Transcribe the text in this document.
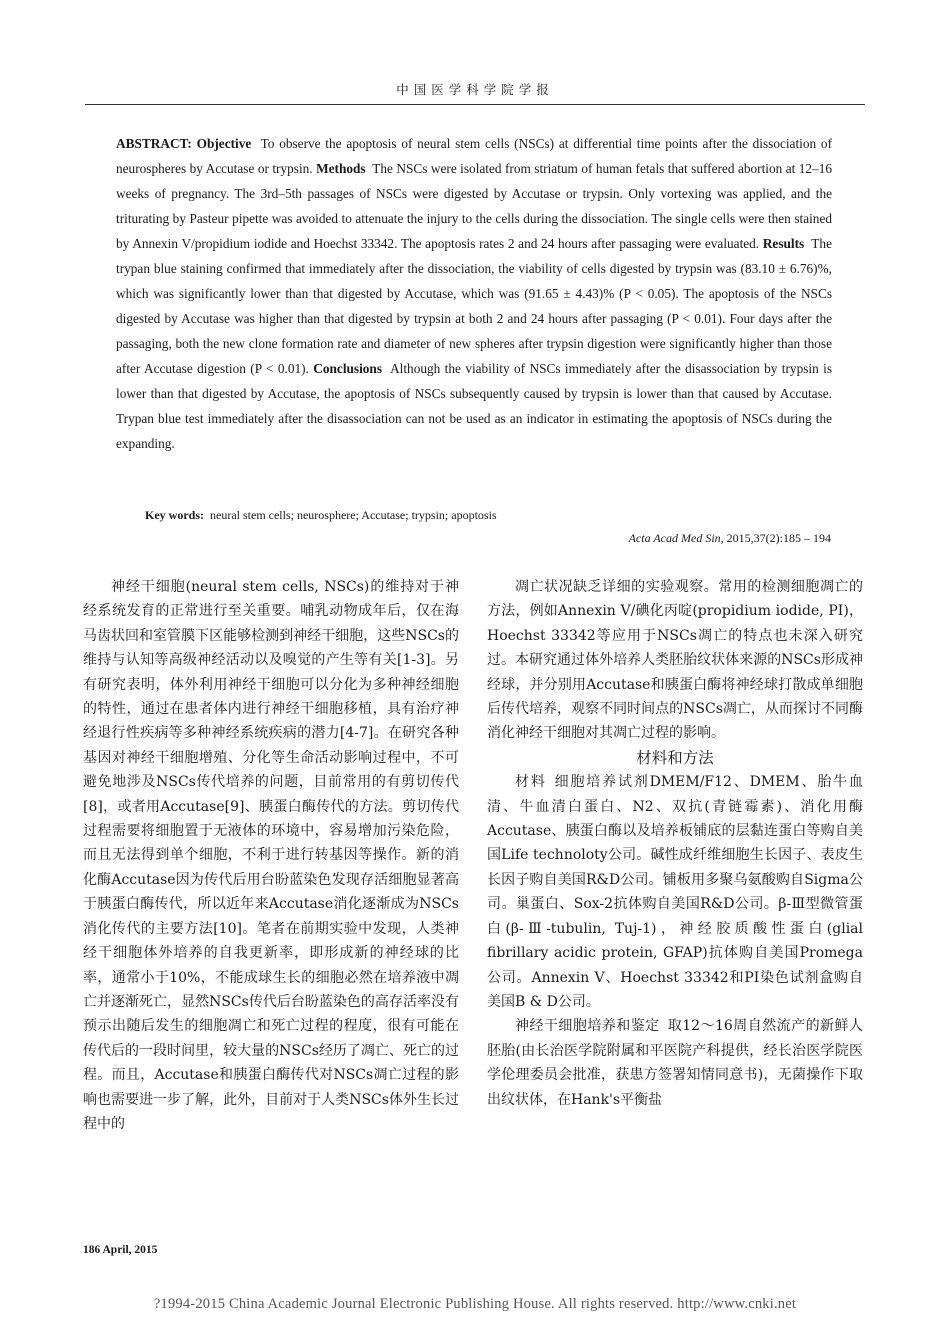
中国医学科学院学报
ABSTRACT: Objective To observe the apoptosis of neural stem cells (NSCs) at differential time points after the dissociation of neurospheres by Accutase or trypsin. Methods The NSCs were isolated from striatum of human fetals that suffered abortion at 12–16 weeks of pregnancy. The 3rd–5th passages of NSCs were digested by Accutase or trypsin. Only vortexing was applied, and the triturating by Pasteur pipette was avoided to attenuate the injury to the cells during the dissociation. The single cells were then stained by Annexin V/propidium iodide and Hoechst 33342. The apoptosis rates 2 and 24 hours after passaging were evaluated. Results The trypan blue staining confirmed that immediately after the dissociation, the viability of cells digested by trypsin was (83.10 ± 6.76)%, which was significantly lower than that digested by Accutase, which was (91.65 ± 4.43)% (P < 0.05). The apoptosis of the NSCs digested by Accutase was higher than that digested by trypsin at both 2 and 24 hours after passaging (P < 0.01). Four days after the passaging, both the new clone formation rate and diameter of new spheres after trypsin digestion were significantly higher than those after Accutase digestion (P < 0.01). Conclusions Although the viability of NSCs immediately after the disassociation by trypsin is lower than that digested by Accutase, the apoptosis of NSCs subsequently caused by trypsin is lower than that caused by Accutase. Trypan blue test immediately after the disassociation can not be used as an indicator in estimating the apoptosis of NSCs during the expanding.
Key words: neural stem cells; neurosphere; Accutase; trypsin; apoptosis
Acta Acad Med Sin, 2015,37(2):185 – 194

神经干细胞(neural stem cells, NSCs)的维持对于神经系统发育的正常进行至关重要。哺乳动物成年后，仅在海马齿状回和室管膜下区能够检测到神经干细胞，这些NSCs的维持与认知等高级神经活动以及嗅觉的产生等有关[1-3]。另有研究表明，体外利用神经干细胞可以分化为多种神经细胞的特性，通过在患者体内进行神经干细胞移植，具有治疗神经退行性疾病等多种神经系统疾病的潜力[4-7]。在研究各种基因对神经干细胞增殖、分化等生命活动影响过程中，不可避免地涉及NSCs传代培养的问题，目前常用的有剪切传代[8]，或者用Accutase[9]、胰蛋白酶传代的方法。剪切传代过程需要将细胞置于无液体的环境中，容易增加污染危险，而且无法得到单个细胞，不利于进行转基因等操作。新的消化酶Accutase因为传代后用台盼蓝染色发现存活细胞显著高于胰蛋白酶传代，所以近年来Accutase消化逐渐成为NSCs消化传代的主要方法[10]。笔者在前期实验中发现，人类神经干细胞体外培养的自我更新率，即形成新的神经球的比率，通常小于10%，不能成球生长的细胞必然在培养液中凋亡并逐渐死亡，显然NSCs传代后台盼蓝染色的高存活率没有预示出随后发生的细胞凋亡和死亡过程的程度，很有可能在传代后的一段时间里，较大量的NSCs经历了凋亡、死亡的过程。而且，Accutase和胰蛋白酶传代对NSCs凋亡过程的影响也需要进一步了解，此外，目前对于人类NSCs体外生长过程中的

凋亡状况缺乏详细的实验观察。常用的检测细胞凋亡的方法，例如Annexin V/碘化丙啶(propidium iodide, PI)，Hoechst 33342等应用于NSCs凋亡的特点也未深入研究过。本研究通过体外培养人类胚胎纹状体来源的NSCs形成神经球，并分别用Accutase和胰蛋白酶将神经球打散成单细胞后传代培养，观察不同时间点的NSCs凋亡，从而探讨不同酶消化神经干细胞对其凋亡过程的影响。

材料和方法

材料 细胞培养试剂DMEM/F12、DMEM、胎牛血清、牛血清白蛋白、N2、双抗(青链霉素)、消化用酶Accutase、胰蛋白酶以及培养板铺底的层黏连蛋白等购自美国Life technoloty公司。碱性成纤维细胞生长因子、表皮生长因子购自美国R&D公司。铺板用多聚乌氨酸购自Sigma公司。巢蛋白、Sox-2抗体购自美国R&D公司。β-Ⅲ型微管蛋白(β-Ⅲ-tubulin, Tuj-1)，神经胶质酸性蛋白(glial fibrillary acidic protein, GFAP)抗体购自美国Promega公司。Annexin V、Hoechst 33342和PI染色试剂盒购自美国B & D公司。

神经干细胞培养和鉴定 取12～16周自然流产的新鲜人胚胎(由长治医学院附属和平医院产科提供，经长治医学院医学伦理委员会批准，获患方签署知情同意书)，无菌操作下取出纹状体，在Hank's平衡盐

186 April, 2015
?1994-2015 China Academic Journal Electronic Publishing House. All rights reserved. http://www.cnki.net
